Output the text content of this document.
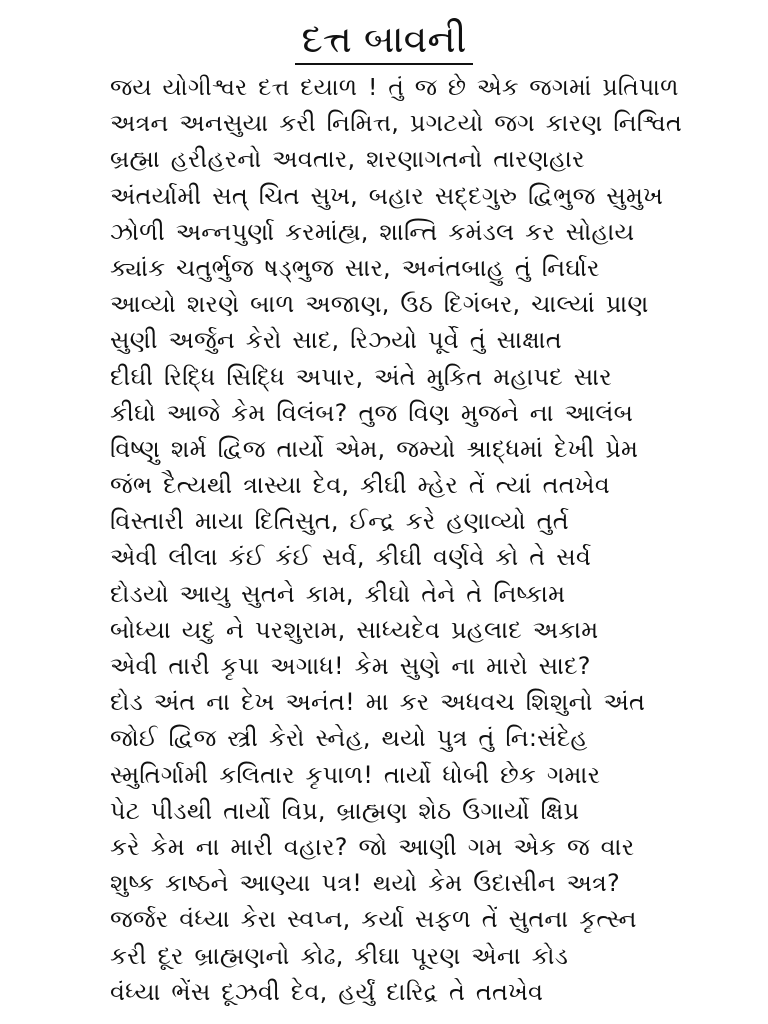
દત્ત બાવની
જય યોગીશ્વર દત્ત દયાળ ! તું જ છે એક જગમાં પ્રતિપાળ
અત્રન અનસુયા કરી નિમિત્ત, પ્રગટયો જગ કારણ નિશ્વિત
બ્રહ્મા હરીહરનો અવતાર, શરણાગતનો તારણહાર
અંતર્યામી સત્ ચિત સુખ, બહાર સદ્દગુરુ દ્વિભુજ સુમુખ
ઝોળી અન્નપુર્ણા કરમાંહ્ય, શાન્તિ કમંડલ કર સોહાય
ક્યાંક ચતુર્ભુજ ષડ્ભુજ સાર, અનંતબાહુ તું નિર્ઘાર
આવ્યો શરણે બાળ અજાણ, ઉઠ દિગંબર, ચાલ્યાં પ્રાણ
સુણી અર્જુન કેરો સાદ, રિઝ્યો પૂર્વે તું સાક્ષાત
દીઘી રિદ્ધિ સિદ્ધિ અપાર, અંતે મુકિત મહાપદ સાર
કીઘો આજે કેમ વિલંબ? તુજ વિણ મુજને ના આલંબ
વિષ્ણુ શર્મ દ્વિજ તાર્યો એમ, જમ્યો શ્રાદ્ધમાં દેખી પ્રેમ
જંભ દૈત્યથી ત્રાસ્યા દેવ, કીઘી મ્હેર તેં ત્યાં તતખેવ
વિસ્તારી માયા દિતિસુત, ઈન્દ્ર કરે હણાવ્યો તુર્ત
એવી લીલા કંઈ કંઈ સર્વ, કીઘી વર્ણવે કો તે સર્વ
દોડયો આયુ સુતને કામ, કીઘો તેને તે નિષ્કામ
બોધ્યા યદુ ને પરશુરામ, સાધ્યદેવ પ્રહલાદ અકામ
એવી તારી કૃપા અગાધ! કેમ સુણે ના મારો સાદ?
દોડ અંત ના દેખ અનંત! મા કર અધવચ શિશુનો અંત
જોઈ દ્વિજ સ્ત્રી કેરો સ્નેહ, થયો પુત્ર તું નિ:સંદેહ
સ્મુતિર્ગામી કલિતાર કૃપાળ! તાર્યો ધોબી છેક ગમાર
પેટ પીડથી તાર્યો વિપ્ર, બ્રાહ્મણ શેઠ ઉગાર્યો ક્ષિપ્ર
કરે કેમ ના મારી વહાર? જો આણી ગમ એક જ વાર
શુષ્ક કાષ્ઠને આણ્યા પત્ર! થયો કેમ ઉદાસીન અત્ર?
જર્જર વંધ્યા કેરા સ્વપ્ન, કર્યા સફળ તેં સુતના કૃત્સ્ન
કરી દૂર બ્રાહ્મણનો કોઢ, કીઘા પૂરણ એના કોડ
વંધ્યા ભેંસ દૂઝવી દેવ, હર્યું દારિદ્ર તે તતખેવ
